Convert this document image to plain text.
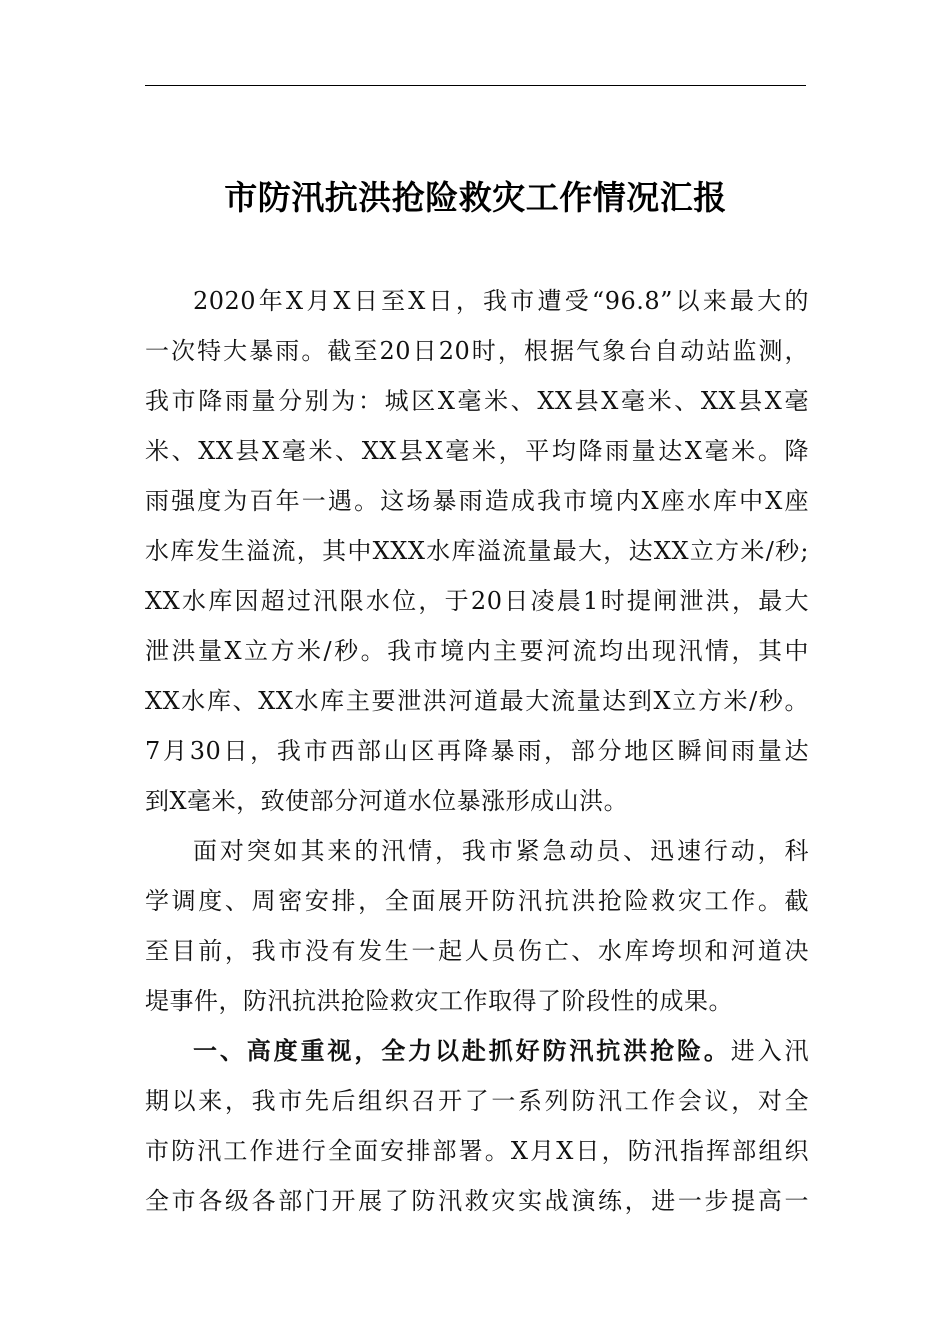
市防汛抗洪抢险救灾工作情况汇报
2020年X月X日至X日，我市遭受“96.8”以来最大的
一次特大暴雨。截至20日20时，根据气象台自动站监测，
我市降雨量分别为：城区X毫米、XX县X毫米、XX县X毫
米、XX县X毫米、XX县X毫米，平均降雨量达X毫米。降
雨强度为百年一遇。这场暴雨造成我市境内X座水库中X座
水库发生溢流，其中XXX水库溢流量最大，达XX立方米/秒;
XX水库因超过汛限水位，于20日凌晨1时提闸泄洪，最大
泄洪量X立方米/秒。我市境内主要河流均出现汛情，其中
XX水库、XX水库主要泄洪河道最大流量达到X立方米/秒。
7月30日，我市西部山区再降暴雨，部分地区瞬间雨量达
到X毫米，致使部分河道水位暴涨形成山洪。
面对突如其来的汛情，我市紧急动员、迅速行动，科
学调度、周密安排，全面展开防汛抗洪抢险救灾工作。截
至目前，我市没有发生一起人员伤亡、水库垮坝和河道决
堤事件，防汛抗洪抢险救灾工作取得了阶段性的成果。
一、高度重视，全力以赴抓好防汛抗洪抢险。进入汛
期以来，我市先后组织召开了一系列防汛工作会议，对全
市防汛工作进行全面安排部署。X月X日，防汛指挥部组织
全市各级各部门开展了防汛救灾实战演练，进一步提高一
